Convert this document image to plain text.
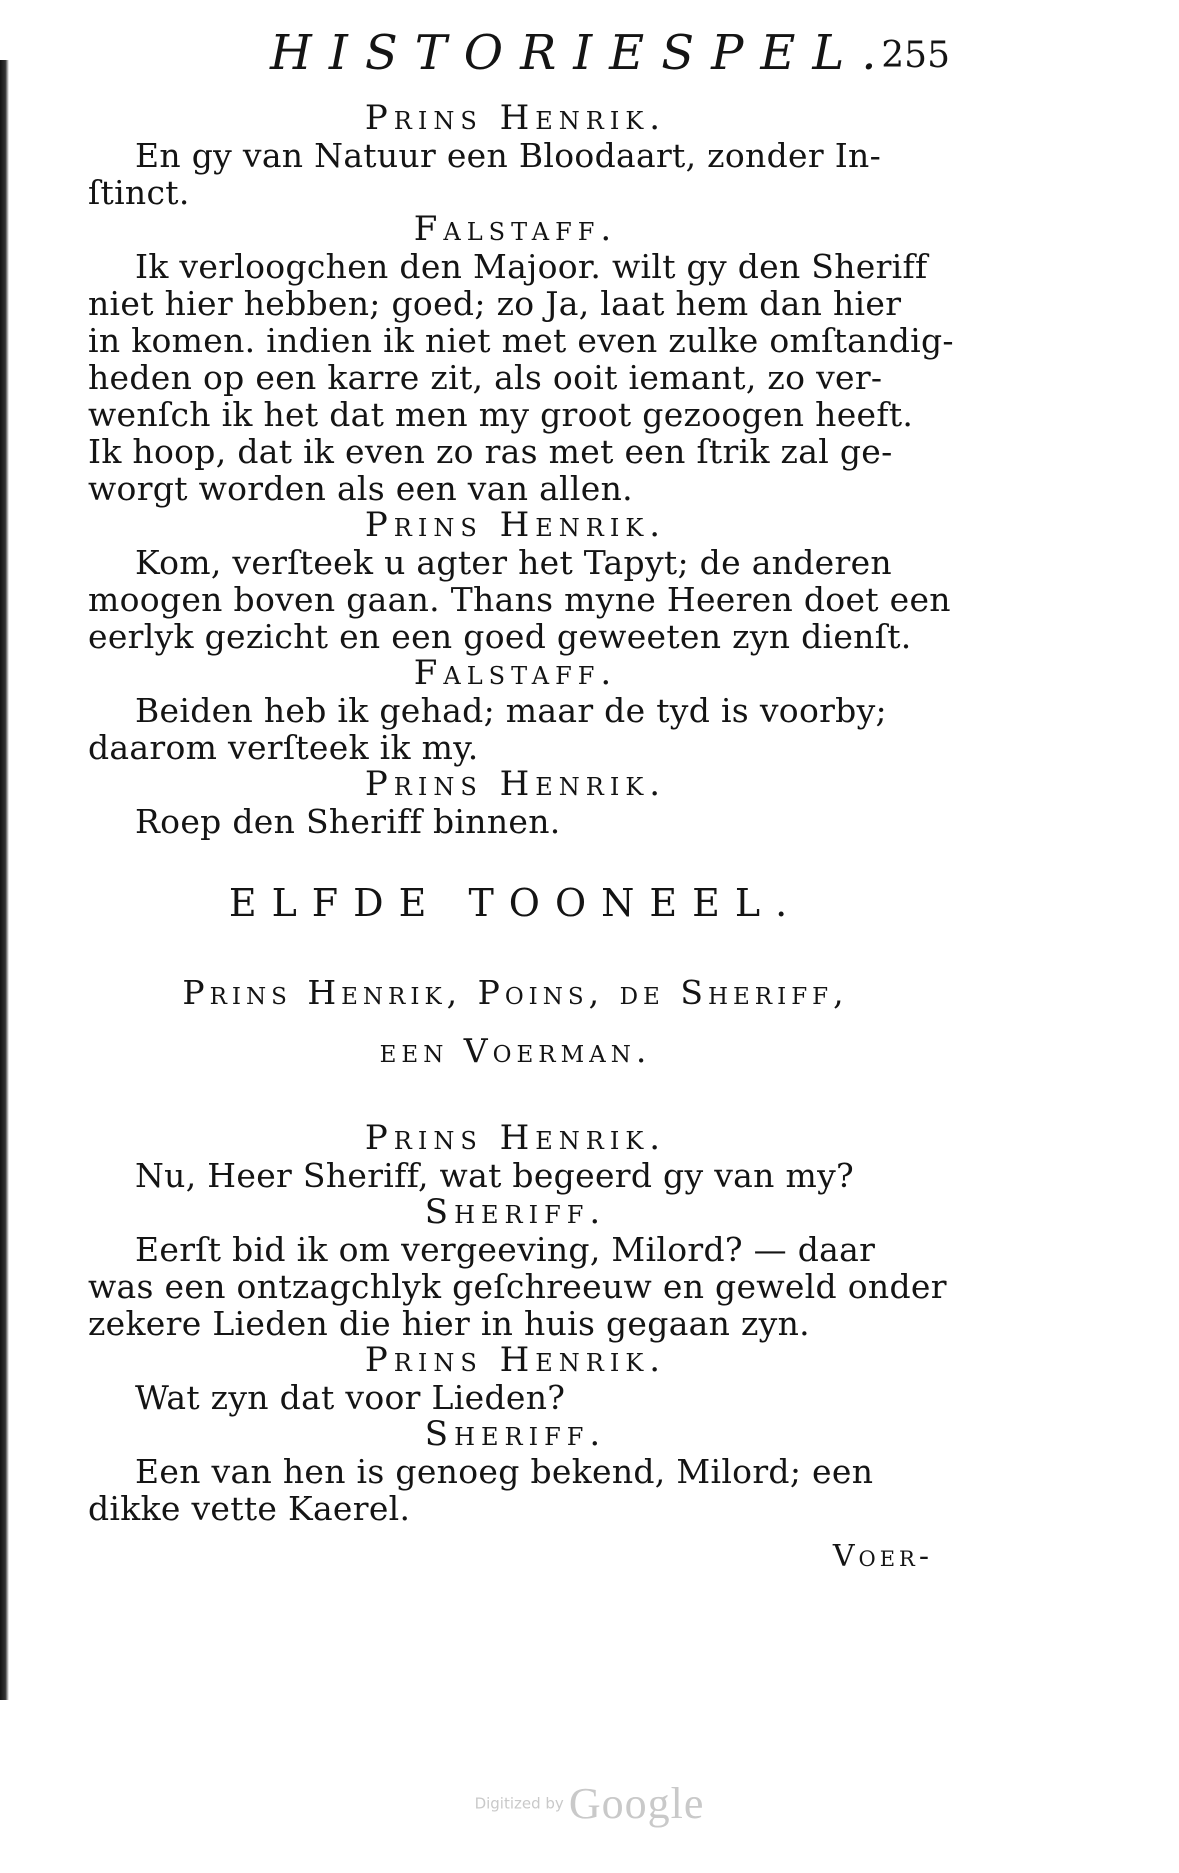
HISTORIESPEL.
255
Prins Henrik.
En gy van Natuur een Bloodaart, zonder In-
ſtinct.
Falstaff.
Ik verloogchen den Majoor. wilt gy den Sheriff
niet hier hebben; goed; zo Ja, laat hem dan hier
in komen. indien ik niet met even zulke omſtandig-
heden op een karre zit, als ooit iemant, zo ver-
wenſch ik het dat men my groot gezoogen heeft.
Ik hoop, dat ik even zo ras met een ſtrik zal ge-
worgt worden als een van allen.
Prins Henrik.
Kom, verſteek u agter het Tapyt; de anderen
moogen boven gaan. Thans myne Heeren doet een
eerlyk gezicht en een goed geweeten zyn dienſt.
Falstaff.
Beiden heb ik gehad; maar de tyd is voorby;
daarom verſteek ik my.
Prins Henrik.
Roep den Sheriff binnen.
ELFDE TOONEEL.
Prins Henrik, Poins, de Sheriff,
een Voerman.
Prins Henrik.
Nu, Heer Sheriff, wat begeerd gy van my?
Sheriff.
Eerſt bid ik om vergeeving, Milord? — daar
was een ontzagchlyk geſchreeuw en geweld onder
zekere Lieden die hier in huis gegaan zyn.
Prins Henrik.
Wat zyn dat voor Lieden?
Sheriff.
Een van hen is genoeg bekend, Milord; een
dikke vette Kaerel.
Voer-
Digitized by Google
